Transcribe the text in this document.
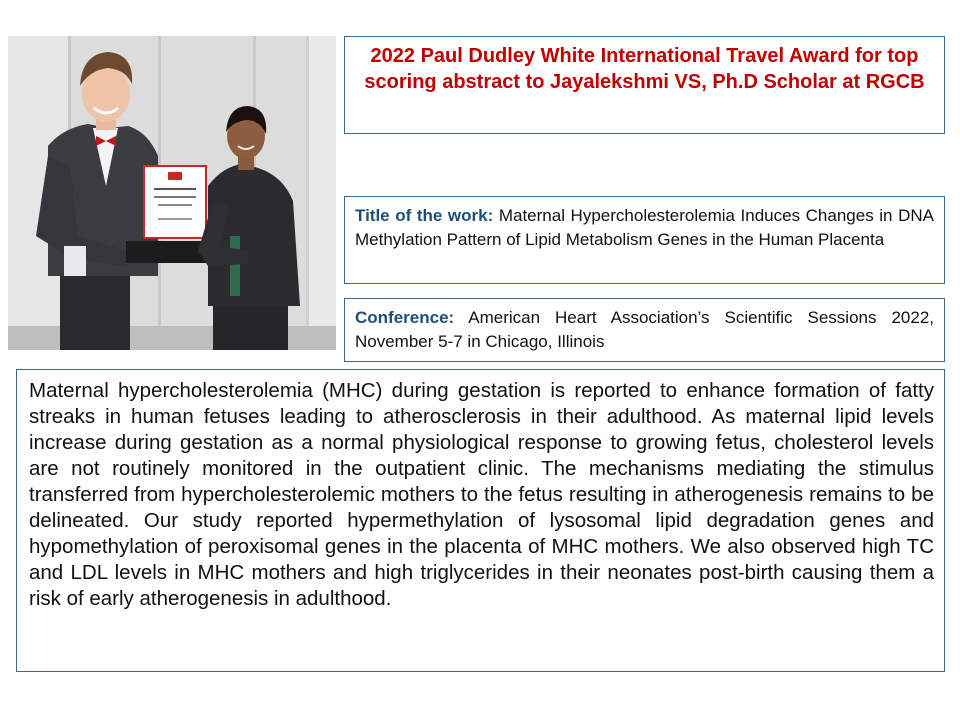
2022 Paul Dudley White International Travel Award for top scoring abstract to Jayalekshmi VS, Ph.D Scholar at RGCB
Title of the work: Maternal Hypercholesterolemia Induces Changes in DNA Methylation Pattern of Lipid Metabolism Genes in the Human Placenta
Conference: American Heart Association’s Scientific Sessions 2022, November 5-7 in Chicago, Illinois
Maternal hypercholesterolemia (MHC) during gestation is reported to enhance formation of fatty streaks in human fetuses leading to atherosclerosis in their adulthood. As maternal lipid levels increase during gestation as a normal physiological response to growing fetus, cholesterol levels are not routinely monitored in the outpatient clinic. The mechanisms mediating the stimulus transferred from hypercholesterolemic mothers to the fetus resulting in atherogenesis remains to be delineated. Our study reported hypermethylation of lysosomal lipid degradation genes and hypomethylation of peroxisomal genes in the placenta of MHC mothers. We also observed high TC and LDL levels in MHC mothers and high triglycerides in their neonates post-birth causing them a risk of early atherogenesis in adulthood.
